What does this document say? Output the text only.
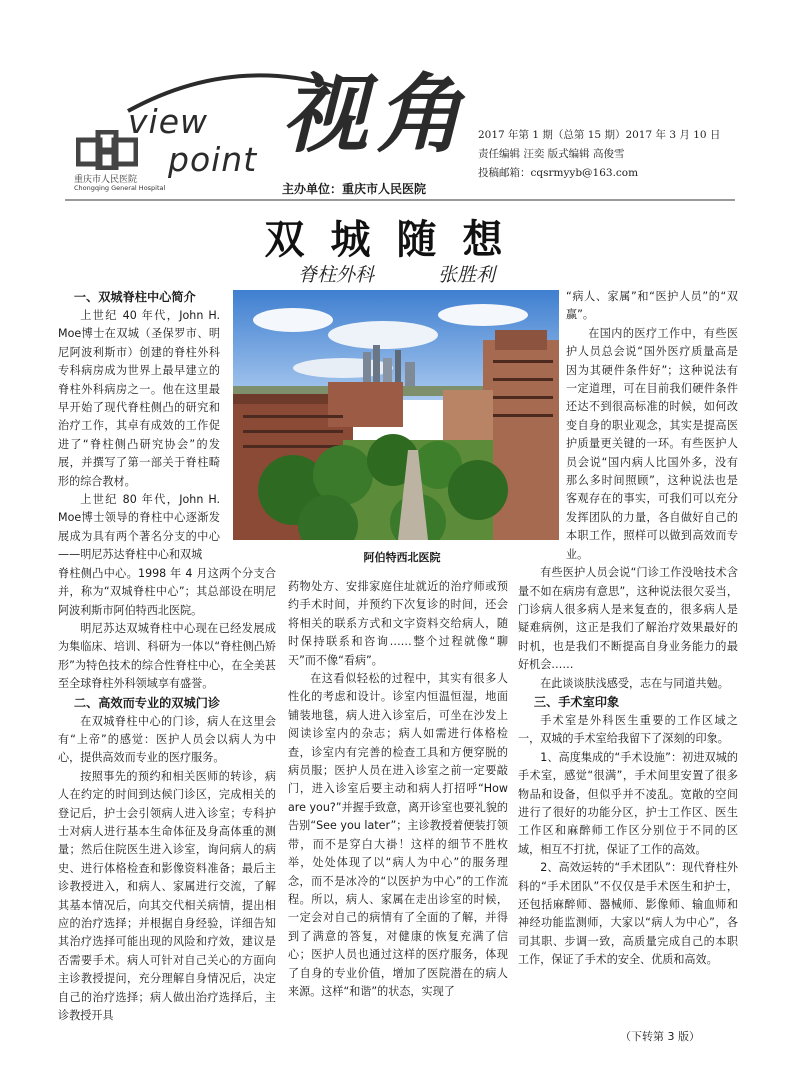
view
point 视角
重庆市人民医院
Chongqing General Hospital	主办单位：重庆市人民医院
2017 年第 1 期（总第 15 期）2017 年 3 月 10 日
责任编辑 汪奕 版式编辑 高俊雪
投稿邮箱：cqsrmyyb@163.com
双城随想
脊柱外科	张胜利
阿伯特西北医院
一、双城脊柱中心简介

上世纪 40 年代，John H. Moe博士在双城（圣保罗市、明尼阿波利斯市）创建的脊柱外科专科病房成为世界上最早建立的脊柱外科病房之一。他在这里最早开始了现代脊柱侧凸的研究和治疗工作，其卓有成效的工作促进了“脊柱侧凸研究协会”的发展，并撰写了第一部关于脊柱畸形的综合教材。

上世纪 80 年代，John H. Moe博士领导的脊柱中心逐渐发展成为具有两个著名分支的中心——明尼苏达脊柱中心和双城

脊柱侧凸中心。1998 年 4 月这两个分支合并，称为“双城脊柱中心”；其总部设在明尼阿波利斯市阿伯特西北医院。

明尼苏达双城脊柱中心现在已经发展成为集临床、培训、科研为一体以“脊柱侧凸矫形”为特色技术的综合性脊柱中心，在全美甚至全球脊柱外科领域享有盛誉。

二、高效而专业的双城门诊

在双城脊柱中心的门诊，病人在这里会有“上帝”的感觉：医护人员会以病人为中心，提供高效而专业的医疗服务。

按照事先的预约和相关医师的转诊，病人在约定的时间到达候门诊区，完成相关的登记后，护士会引领病人进入诊室；专科护士对病人进行基本生命体征及身高体重的测量；然后住院医生进入诊室，询问病人的病史、进行体格检查和影像资料准备；最后主诊教授进入，和病人、家属进行交流，了解其基本情况后，向其交代相关病情，提出相应的治疗选择；并根据自身经验，详细告知其治疗选择可能出现的风险和疗效，建议是否需要手术。病人可针对自己关心的方面向主诊教授提问，充分理解自身情况后，决定自己的治疗选择；病人做出治疗选择后，主诊教授开具

药物处方、安排家庭住址就近的治疗师或预约手术时间，并预约下次复诊的时间，还会将相关的联系方式和文字资料交给病人，随时保持联系和咨询……整个过程就像“聊天”而不像“看病”。

在这看似轻松的过程中，其实有很多人性化的考虑和设计。诊室内恒温恒湿，地面铺装地毯，病人进入诊室后，可坐在沙发上阅读诊室内的杂志；病人如需进行体格检查，诊室内有完善的检查工具和方便穿脱的病员服；医护人员在进入诊室之前一定要敲门，进入诊室后要主动和病人打招呼“How are you?”并握手致意，离开诊室也要礼貌的告别“See you later”；主诊教授着便装打领带，而不是穿白大褂！这样的细节不胜枚举，处处体现了以“病人为中心”的服务理念，而不是冰冷的“以医护为中心”的工作流程。所以，病人、家属在走出诊室的时候，一定会对自己的病情有了全面的了解，并得到了满意的答复，对健康的恢复充满了信心；医护人员也通过这样的医疗服务，体现了自身的专业价值，增加了医院潜在的病人来源。这样“和谐”的状态，实现了

“病人、家属”和“医护人员”的“双赢”。

在国内的医疗工作中，有些医护人员总会说“国外医疗质量高是因为其硬件条件好”；这种说法有一定道理，可在目前我们硬件条件还达不到很高标准的时候，如何改变自身的职业观念，其实是提高医护质量更关键的一环。有些医护人员会说“国内病人比国外多，没有那么多时间照顾”，这种说法也是客观存在的事实，可我们可以充分发挥团队的力量，各自做好自己的本职工作，照样可以做到高效而专业。

有些医护人员会说“门诊工作没啥技术含量不如在病房有意思”，这种说法很欠妥当，门诊病人很多病人是来复查的，很多病人是疑难病例，这正是我们了解治疗效果最好的时机，也是我们不断提高自身业务能力的最好机会……

在此谈谈肤浅感受，志在与同道共勉。

三、手术室印象

手术室是外科医生重要的工作区域之一，双城的手术室给我留下了深刻的印象。

1、高度集成的“手术设施”：初进双城的手术室，感觉“很满”，手术间里安置了很多物品和设备，但似乎并不凌乱。宽敞的空间进行了很好的功能分区，护士工作区、医生工作区和麻醉师工作区分别位于不同的区域，相互不打扰，保证了工作的高效。

2、高效运转的“手术团队”：现代脊柱外科的“手术团队”不仅仅是手术医生和护士，还包括麻醉师、器械师、影像师、输血师和神经功能监测师，大家以“病人为中心”，各司其职、步调一致，高质量完成自己的本职工作，保证了手术的安全、优质和高效。

（下转第 3 版）
